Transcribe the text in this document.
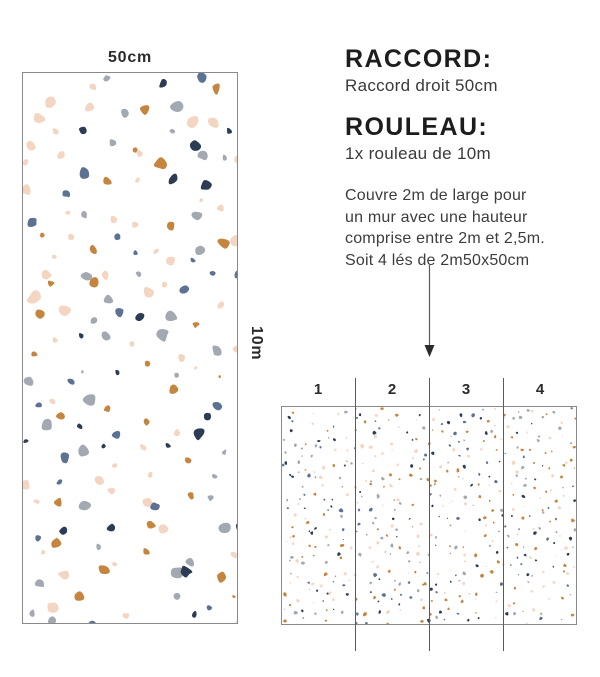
50cm
10m
RACCORD:

Raccord droit 50cm

ROULEAU:

1x rouleau de 10m

Couvre 2m de large pour
un mur avec une hauteur
comprise entre 2m et 2,5m.
Soit 4 lés de 2m50x50cm
1	2	3	4
